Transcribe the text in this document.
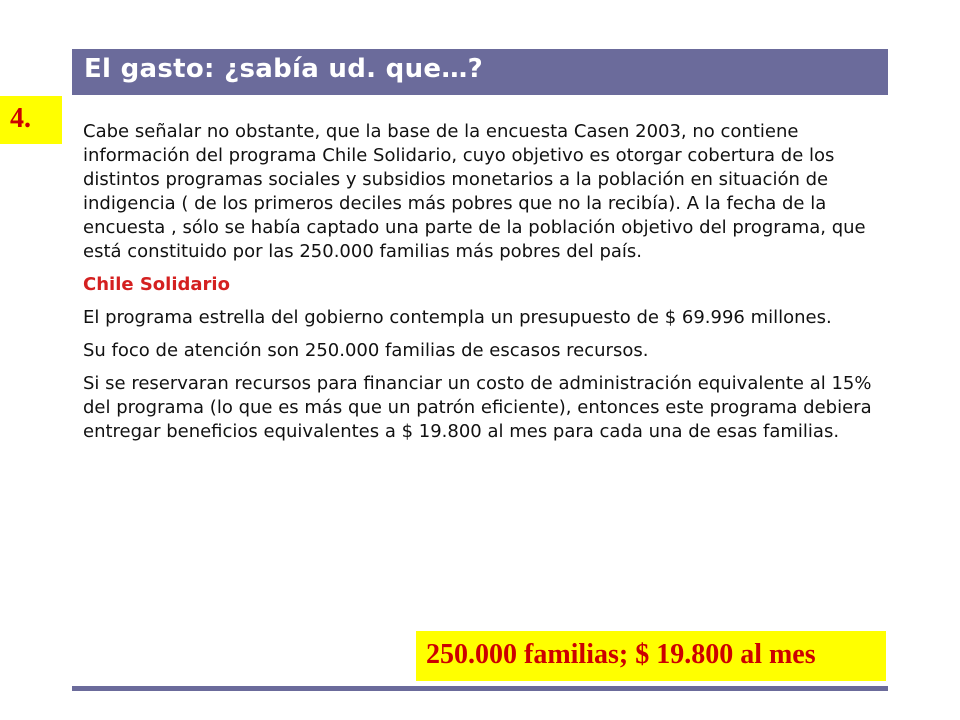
El gasto: ¿sabía ud. que…?
4.	Cabe señalar no obstante, que la base de la encuesta Casen 2003, no contiene información del programa Chile Solidario, cuyo objetivo es otorgar cobertura de los distintos programas sociales y subsidios monetarios a la población en situación de indigencia ( de los primeros deciles más pobres que no la recibía). A la fecha de la encuesta , sólo se había captado una parte de la población objetivo del programa, que está constituido por las 250.000 familias más pobres del país.

Chile Solidario

El programa estrella del gobierno contempla un presupuesto de $ 69.996 millones.

Su foco de atención son 250.000 familias de escasos recursos.

Si se reservaran recursos para financiar un costo de administración equivalente al 15% del programa (lo que es más que un patrón eficiente), entonces este programa debiera entregar beneficios equivalentes a $ 19.800 al mes para cada una de esas familias.

250.000 familias; $ 19.800 al mes
